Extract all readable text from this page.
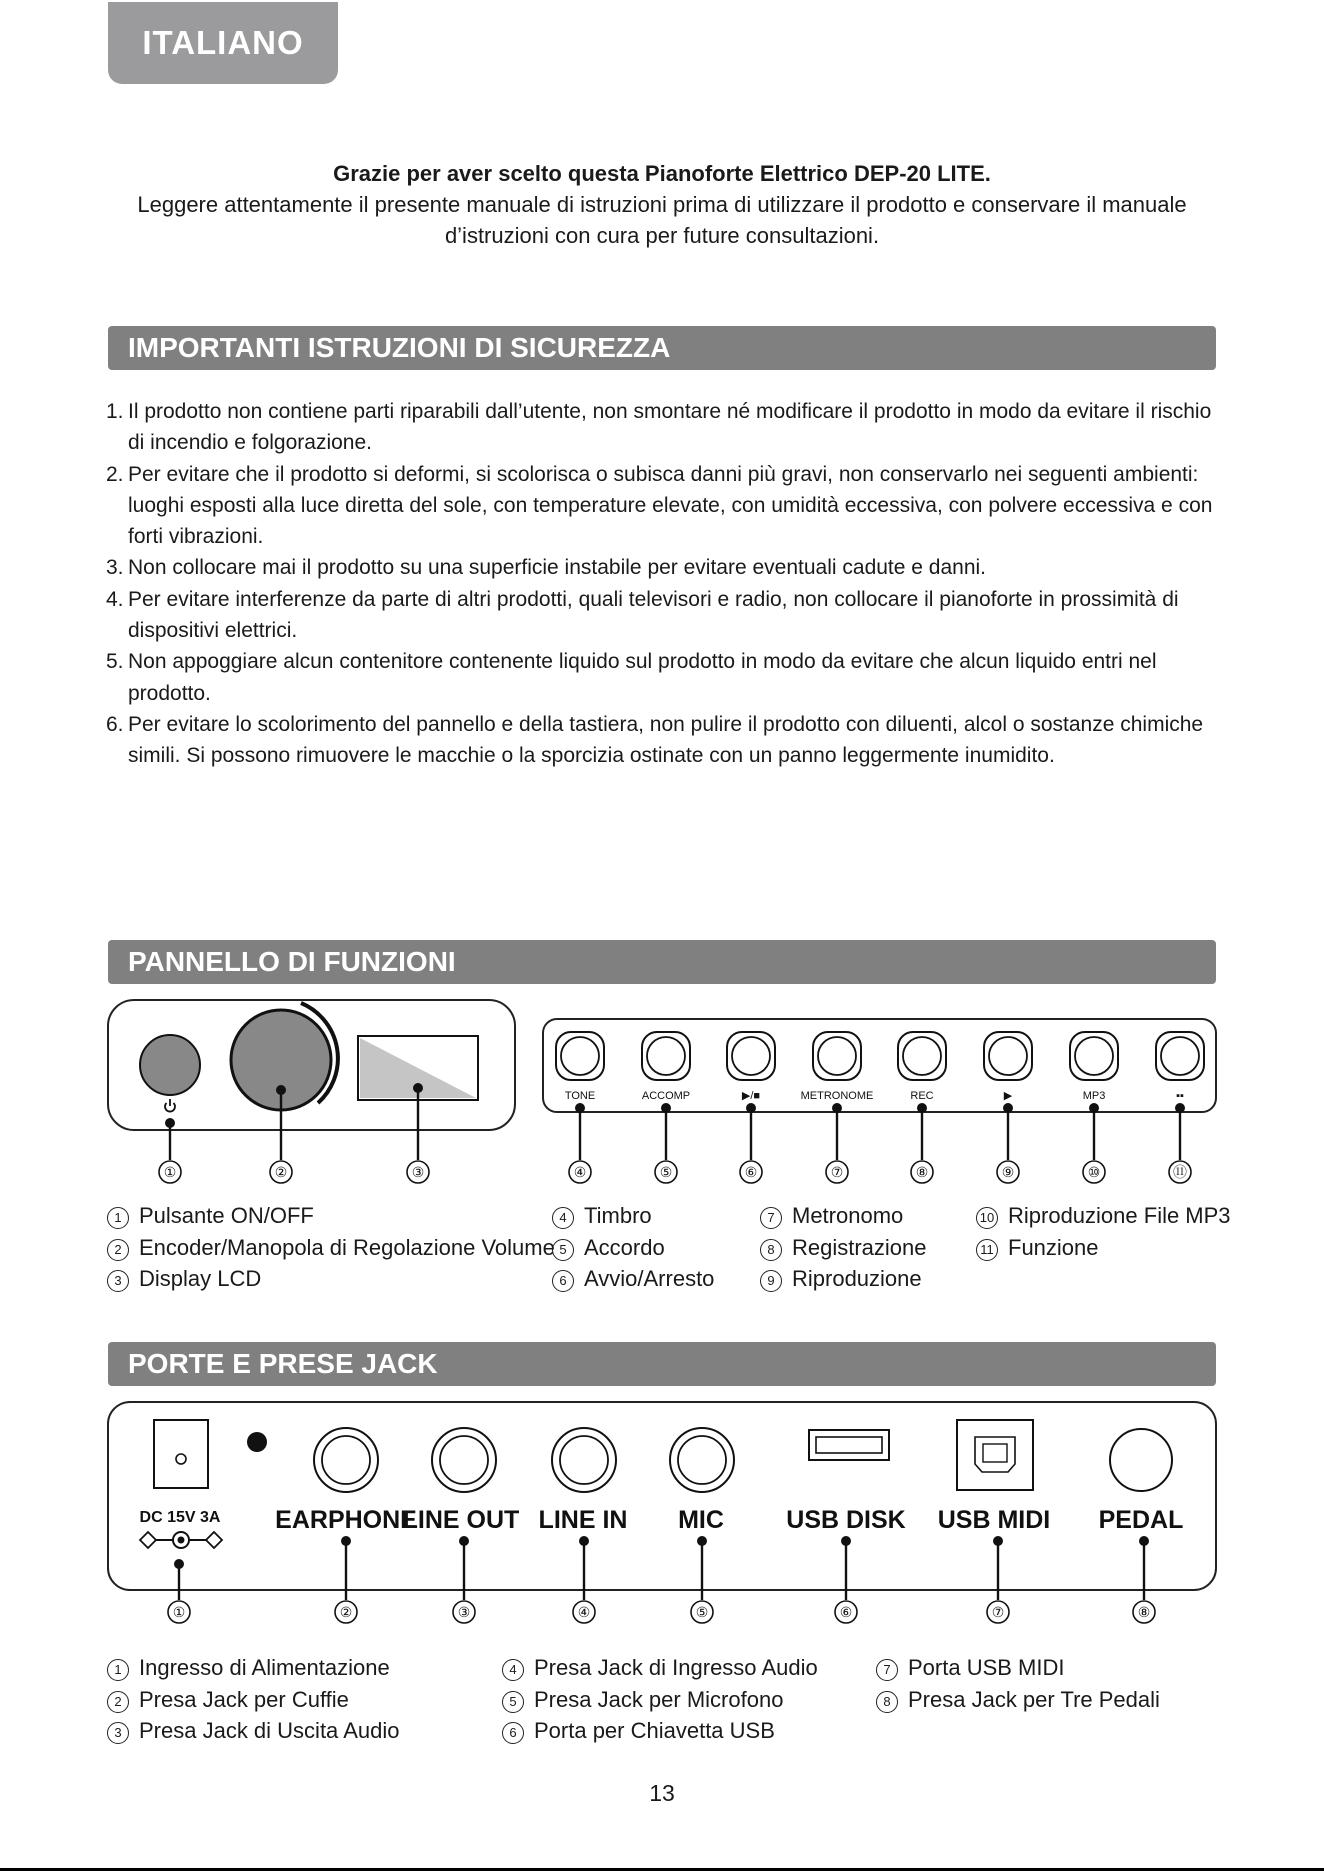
ITALIANO
Grazie per aver scelto questa Pianoforte Elettrico DEP-20 LITE.
Leggere attentamente il presente manuale di istruzioni prima di utilizzare il prodotto e conservare il manuale
d’istruzioni con cura per future consultazioni.
IMPORTANTI ISTRUZIONI DI SICUREZZA
1. Il prodotto non contiene parti riparabili dall’utente, non smontare né modificare il prodotto in modo da evitare il rischio di incendio e folgorazione.
2. Per evitare che il prodotto si deformi, si scolorisca o subisca danni più gravi, non conservarlo nei seguenti ambienti: luoghi esposti alla luce diretta del sole, con temperature elevate, con umidità eccessiva, con polvere eccessiva e con forti vibrazioni.
3. Non collocare mai il prodotto su una superficie instabile per evitare eventuali cadute e danni.
4. Per evitare interferenze da parte di altri prodotti, quali televisori e radio, non collocare il pianoforte in prossimità di dispositivi elettrici.
5. Non appoggiare alcun contenitore contenente liquido sul prodotto in modo da evitare che alcun liquido entri nel prodotto.
6. Per evitare lo scolorimento del pannello e della tastiera, non pulire il prodotto con diluenti, alcol o sostanze chimiche simili. Si possono rimuovere le macchie o la sporcizia ostinate con un panno leggermente inumidito.
PANNELLO DI FUNZIONI
TONE	ACCOMP	▶/■	METRONOME	REC	▶	MP3	▪▪
①	②	③	④	⑤	⑥	⑦	⑧	⑨	⑩	⑪
DC 15V 3A EARPHONE
LINE OUT LINE IN MIC USB DISK USB MIDI PEDAL
①	②	③	④	⑤	⑥	⑦	⑧
1 Pulsante ON/OFF
2 Encoder/Manopola di Regolazione Volume
3 Display LCD
4 Timbro
5 Accordo
6 Avvio/Arresto
7 Metronomo
8 Registrazione
9 Riproduzione
10 Riproduzione File MP3
11 Funzione
PORTE E PRESE JACK
1 Ingresso di Alimentazione
2 Presa Jack per Cuffie
3 Presa Jack di Uscita Audio
4 Presa Jack di Ingresso Audio
5 Presa Jack per Microfono
6 Porta per Chiavetta USB
7 Porta USB MIDI
8 Presa Jack per Tre Pedali
13
